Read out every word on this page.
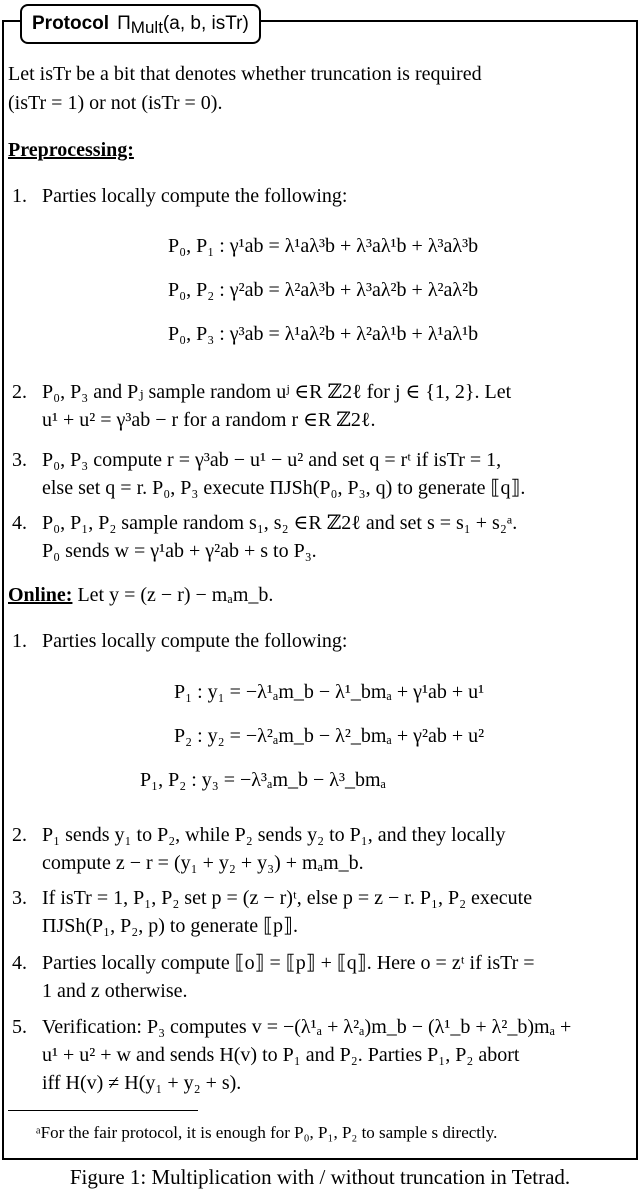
Protocol $\Pi_{Mult}(a$, b, isTr)
Let isTr be a bit that denotes whether truncation is required
(isTr = 1) or not (isTr = 0).
Preprocessing:
1. Parties locally compute the following:
P₀, P₁ : γ¹ab = λ¹aλ³b + λ³aλ¹b + λ³aλ³b
P₀, P₂ : γ²ab = λ²aλ³b + λ³aλ²b + λ²aλ²b
P₀, P₃ : γ³ab = λ¹aλ²b + λ²aλ¹b + λ¹aλ¹b
2. P₀, P₃ and Pⱼ sample random uʲ ∈R ℤ2ℓ for j ∈ {1, 2}. Let
u¹ + u² = γ³ab − r for a random r ∈R ℤ2ℓ.
3. P₀, P₃ compute r = γ³ab − u¹ − u² and set q = rᵗ if isTr = 1,
else set q = r. P₀, P₃ execute ΠJSh(P₀, P₃, q) to generate ⟦q⟧.
4. P₀, P₁, P₂ sample random s₁, s₂ ∈R ℤ2ℓ and set s = s₁ + s₂ᵃ.
P₀ sends w = γ¹ab + γ²ab + s to P₃.
Online: Let y = (z − r) − mₐm_b.
1. Parties locally compute the following:
P₁ : y₁ = −λ¹ₐm_b − λ¹_bmₐ + γ¹ab + u¹
P₂ : y₂ = −λ²ₐm_b − λ²_bmₐ + γ²ab + u²
P₁, P₂ : y₃ = −λ³ₐm_b − λ³_bmₐ
2. P₁ sends y₁ to P₂, while P₂ sends y₂ to P₁, and they locally
compute z − r = (y₁ + y₂ + y₃) + mₐm_b.
3. If isTr = 1, P₁, P₂ set p = (z − r)ᵗ, else p = z − r. P₁, P₂ execute
ΠJSh(P₁, P₂, p) to generate ⟦p⟧.
4. Parties locally compute ⟦o⟧ = ⟦p⟧ + ⟦q⟧. Here o = zᵗ if isTr =
1 and z otherwise.
5. Verification: P₃ computes v = −(λ¹ₐ + λ²ₐ)m_b − (λ¹_b + λ²_b)mₐ +
u¹ + u² + w and sends H(v) to P₁ and P₂. Parties P₁, P₂ abort
iff H(v) ≠ H(y₁ + y₂ + s).
ᵃFor the fair protocol, it is enough for P₀, P₁, P₂ to sample s directly.
Figure 1: Multiplication with / without truncation in Tetrad.
